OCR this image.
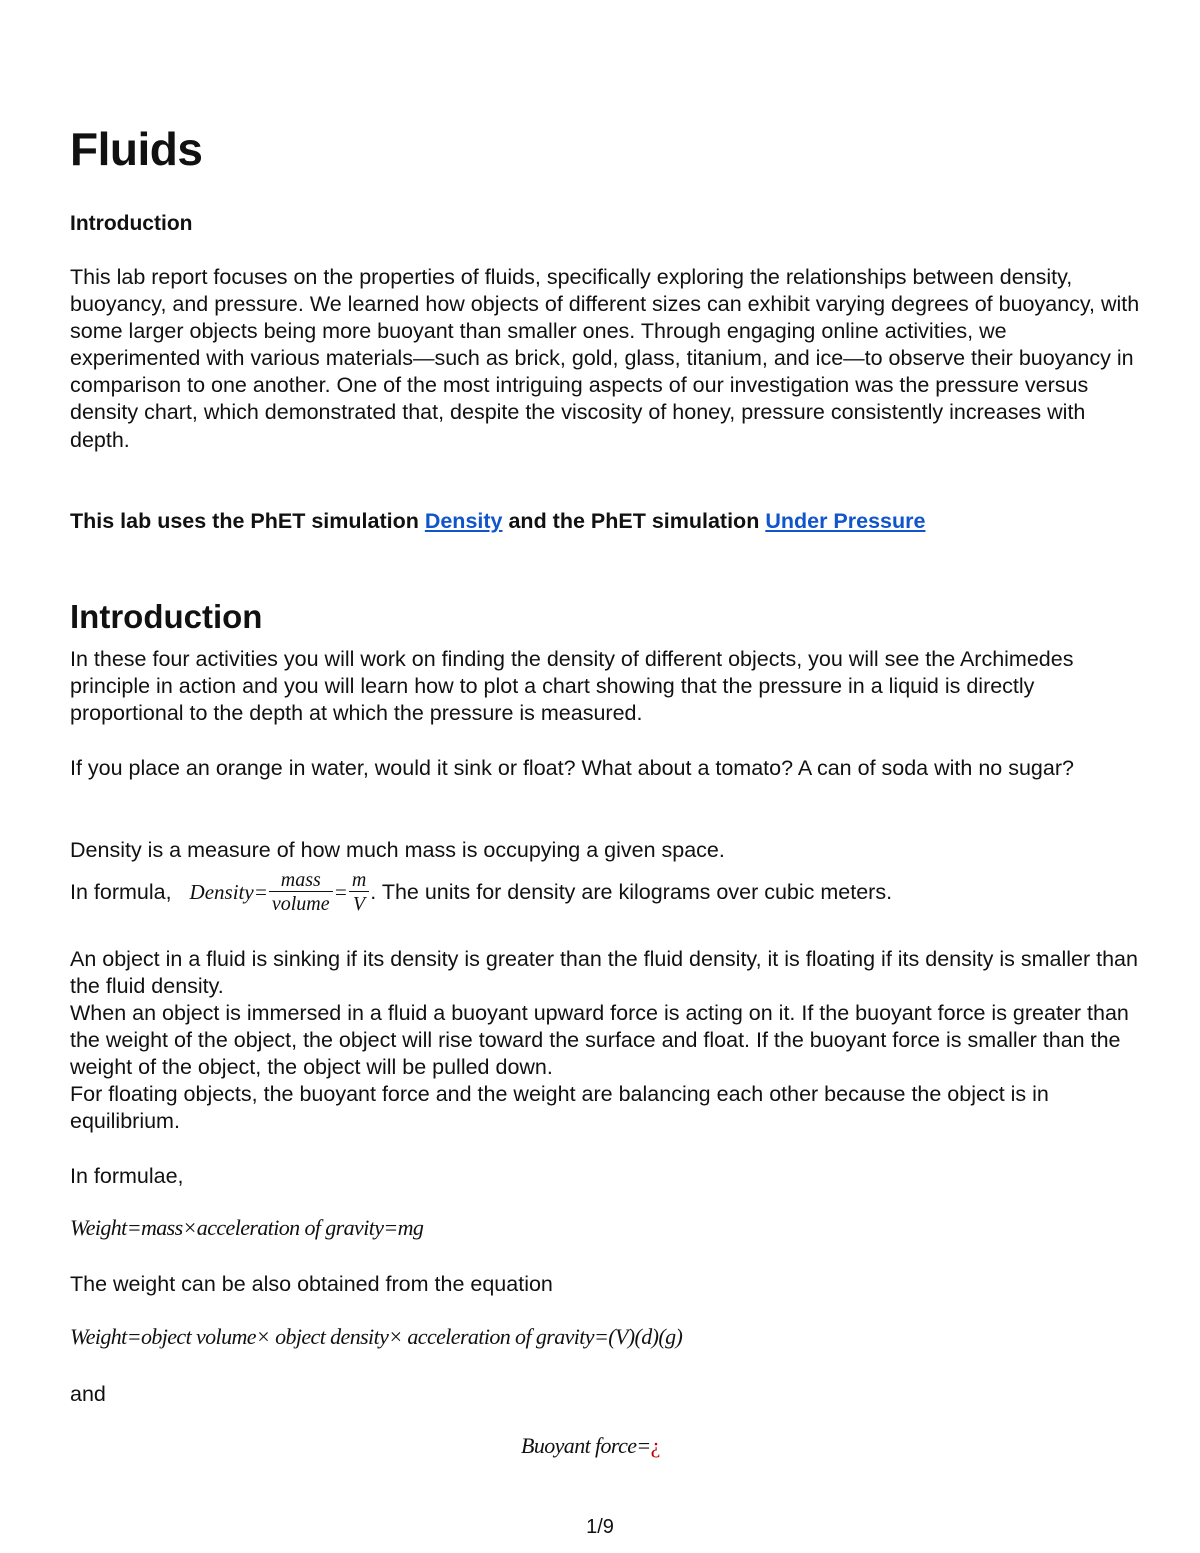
Fluids
Introduction
This lab report focuses on the properties of fluids, specifically exploring the relationships between density, buoyancy, and pressure. We learned how objects of different sizes can exhibit varying degrees of buoyancy, with some larger objects being more buoyant than smaller ones. Through engaging online activities, we experimented with various materials—such as brick, gold, glass, titanium, and ice—to observe their buoyancy in comparison to one another. One of the most intriguing aspects of our investigation was the pressure versus density chart, which demonstrated that, despite the viscosity of honey, pressure consistently increases with depth.
This lab uses the PhET simulation Density and the PhET simulation Under Pressure
Introduction
In these four activities you will work on finding the density of different objects, you will see the Archimedes principle in action and you will learn how to plot a chart showing that the pressure in a liquid is directly proportional to the depth at which the pressure is measured.
If you place an orange in water, would it sink or float? What about a tomato? A can of soda with no sugar?
Density is a measure of how much mass is occupying a given space.
In formula, Density = $\frac{\text{mass}}{\text{volume}} = \frac{m}{V}$ . The units for density are kilograms over cubic meters.
An object in a fluid is sinking if its density is greater than the fluid density, it is floating if its density is smaller than the fluid density.
When an object is immersed in a fluid a buoyant upward force is acting on it. If the buoyant force is greater than the weight of the object, the object will rise toward the surface and float. If the buoyant force is smaller than the weight of the object, the object will be pulled down.
For floating objects, the buoyant force and the weight are balancing each other because the object is in equilibrium.
In formulae,
Weight=mass×acceleration of gravity=mg
The weight can be also obtained from the equation
Weight=object volume× object density× acceleration of gravity=(V)(d)(g)
and
Buoyant force=¿
1/9
